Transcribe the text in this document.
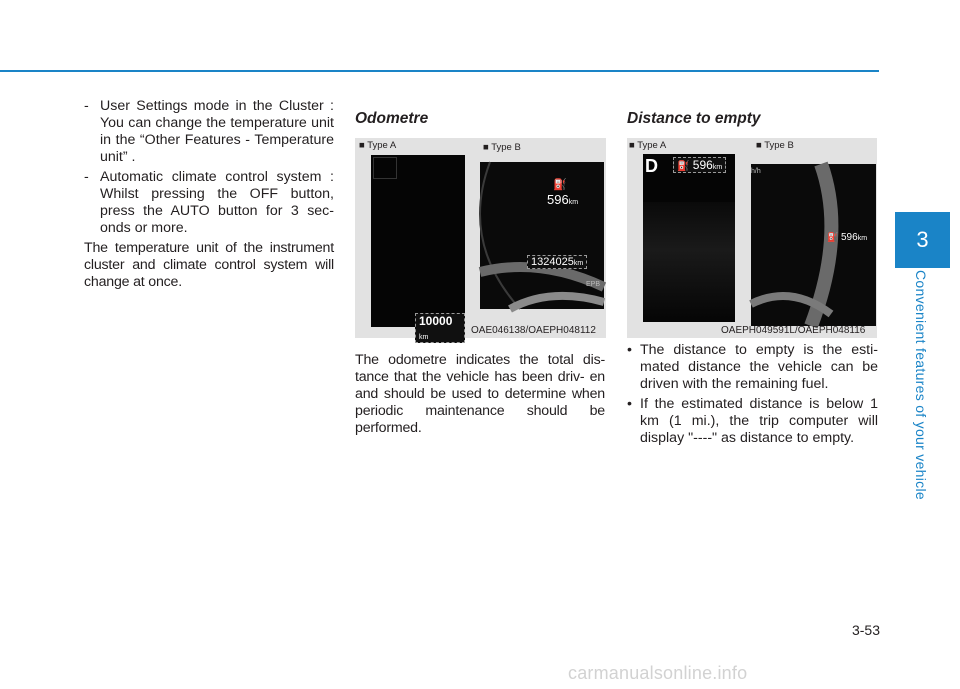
3
Convenient features of your vehicle
- User Settings mode in the Cluster : You can change the temperature unit in the “Other Features - Temperature unit” .
- Automatic climate control system : Whilst pressing the OFF button, press the AUTO button for 3 sec- onds or more.
The temperature unit of the instrument cluster and climate control system will change at once.
Odometre
■ Type A	■ Type B
10000 km
⛽
596km
1324025km
EPB
OAE046138/OAEPH048112
The odometre indicates the total dis- tance that the vehicle has been driv- en and should be used to determine when periodic maintenance should be performed.
Distance to empty
■ Type A	■ Type B
D	⛽ 596km
h/h
⛽ 596km
OAEPH049591L/OAEPH048116
• The distance to empty is the esti- mated distance the vehicle can be driven with the remaining fuel.
• If the estimated distance is below 1 km (1 mi.), the trip computer will display "----" as distance to empty.
3-53
carmanualsonline.info
